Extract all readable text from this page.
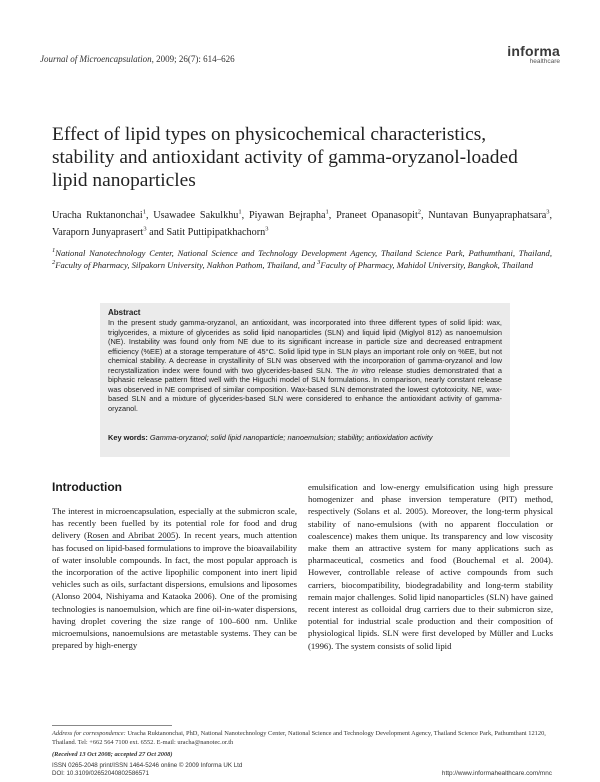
Journal of Microencapsulation, 2009; 26(7): 614–626	informa
healthcare
Effect of lipid types on physicochemical characteristics, stability and antioxidant activity of gamma-oryzanol-loaded lipid nanoparticles
Uracha Ruktanonchai$^1$, Usawadee Sakulkhu$^1$, Piyawan Bejrapha$^1$, Praneet Opanasopit$^2$, Nuntavan Bunyapraphatsara$^3$, Varaporn Junyaprasert$^3$ and Satit Puttipipatkhachorn$^3$
$^1$National Nanotechnology Center, National Science and Technology Development Agency, Thailand Science Park, Pathumthani, Thailand, $^2$Faculty of Pharmacy, Silpakorn University, Nakhon Pathom, Thailand, and $^3$Faculty of Pharmacy, Mahidol University, Bangkok, Thailand
Abstract
In the present study gamma-oryzanol, an antioxidant, was incorporated into three different types of solid lipid: wax, triglycerides, a mixture of glycerides as solid lipid nanoparticles (SLN) and liquid lipid (Miglyol 812) as nanoemulsion (NE). Instability was found only from NE due to its significant increase in particle size and decreased entrapment efficiency (%EE) at a storage temperature of 45°C. Solid lipid type in SLN plays an important role only on %EE, but not chemical stability. A decrease in crystallinity of SLN was observed with the incorporation of gamma-oryzanol and low recrystallization index were found with two glycerides-based SLN. The in vitro release studies demonstrated that a biphasic release pattern fitted well with the Higuchi model of SLN formulations. In comparison, nearly constant release was observed in NE comprised of similar composition. Wax-based SLN demonstrated the lowest cytotoxicity. NE, wax-based SLN and a mixture of glycerides-based SLN were considered to enhance the antioxidant activity of gamma-oryzanol.
Key words: Gamma-oryzanol; solid lipid nanoparticle; nanoemulsion; stability; antioxidation activity
Introduction

The interest in microencapsulation, especially at the submicron scale, has recently been fuelled by its potential role for food and drug delivery (Rosen and Abribat 2005). In recent years, much attention has focused on lipid-based formulations to improve the bioavailability of water insoluble compounds. In fact, the most popular approach is the incorporation of the active lipophilic component into inert lipid vehicles such as oils, surfactant dispersions, emulsions and liposomes (Alonso 2004, Nishiyama and Kataoka 2006). One of the promising technologies is nanoemulsion, which are fine oil-in-water dispersions, having droplet covering the size range of 100–600 nm. Unlike microemulsions, nanoemulsions are metastable systems. They can be prepared by high-energy

emulsification and low-energy emulsification using high pressure homogenizer and phase inversion temperature (PIT) method, respectively (Solans et al. 2005). Moreover, the long-term physical stability of nano-emulsions (with no apparent flocculation or coalescence) makes them unique. Its transparency and low viscosity make them an attractive system for many applications such as pharmaceutical, cosmetics and food (Bouchemal et al. 2004). However, controllable release of active compounds from such carriers, biocompatibility, biodegradability and long-term stability remain major challenges. Solid lipid nanoparticles (SLN) have gained recent interest as colloidal drug carriers due to their submicron size, potential for industrial scale production and their composition of physiological lipids. SLN were first developed by Müller and Lucks (1996). The system consists of solid lipid

Address for correspondence: Uracha Ruktanonchai, PhD, National Nanotechnology Center, National Science and Technology Development Agency, Thailand Science Park, Pathumthani 12120, Thailand. Tel: +662 564 7100 ext. 6552. E-mail: uracha@nanotec.or.th
(Received 13 Oct 2008; accepted 27 Oct 2008)
ISSN 0265-2048 print/ISSN 1464-5246 online © 2009 Informa UK Ltd
DOI: 10.3109/02652040802586571	http://www.informahealthcare.com/mnc
